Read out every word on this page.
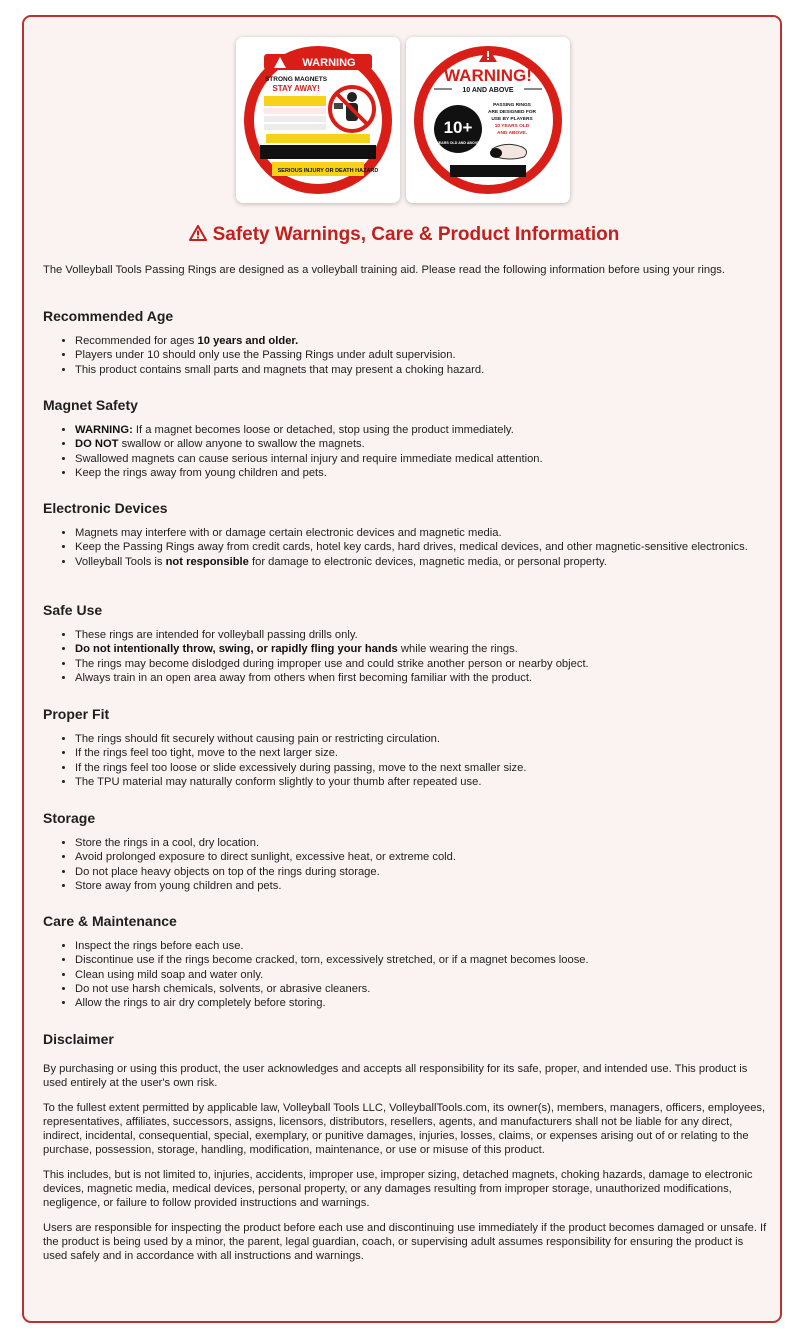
WARNING
STRONG MAGNETS
STAY AWAY!
SERIOUS INJURY OR DEATH HAZARD
WARNING!
10 AND ABOVE
10+
YEARS OLD AND ABOVE
PASSING RINGS
ARE DESIGNED FOR
USE BY PLAYERS
10 YEARS OLD
AND ABOVE.
Safety Warnings, Care & Product Information

The Volleyball Tools Passing Rings are designed as a volleyball training aid. Please read the following information before using your rings.

Recommended Age
• Recommended for ages 10 years and older.
• Players under 10 should only use the Passing Rings under adult supervision.
• This product contains small parts and magnets that may present a choking hazard.
Magnet Safety
• WARNING: If a magnet becomes loose or detached, stop using the product immediately.
• DO NOT swallow or allow anyone to swallow the magnets.
• Swallowed magnets can cause serious internal injury and require immediate medical attention.
• Keep the rings away from young children and pets.
Electronic Devices
• Magnets may interfere with or damage certain electronic devices and magnetic media.
• Keep the Passing Rings away from credit cards, hotel key cards, hard drives, medical devices, and other magnetic-sensitive electronics.
• Volleyball Tools is not responsible for damage to electronic devices, magnetic media, or personal property.
Safe Use
• These rings are intended for volleyball passing drills only.
• Do not intentionally throw, swing, or rapidly fling your hands while wearing the rings.
• The rings may become dislodged during improper use and could strike another person or nearby object.
• Always train in an open area away from others when first becoming familiar with the product.
Proper Fit
• The rings should fit securely without causing pain or restricting circulation.
• If the rings feel too tight, move to the next larger size.
• If the rings feel too loose or slide excessively during passing, move to the next smaller size.
• The TPU material may naturally conform slightly to your thumb after repeated use.
Storage
• Store the rings in a cool, dry location.
• Avoid prolonged exposure to direct sunlight, excessive heat, or extreme cold.
• Do not place heavy objects on top of the rings during storage.
• Store away from young children and pets.
Care & Maintenance
• Inspect the rings before each use.
• Discontinue use if the rings become cracked, torn, excessively stretched, or if a magnet becomes loose.
• Clean using mild soap and water only.
• Do not use harsh chemicals, solvents, or abrasive cleaners.
• Allow the rings to air dry completely before storing.
Disclaimer

By purchasing or using this product, the user acknowledges and accepts all responsibility for its safe, proper, and intended use. This product is used entirely at the user's own risk.

To the fullest extent permitted by applicable law, Volleyball Tools LLC, VolleyballTools.com, its owner(s), members, managers, officers, employees, representatives, affiliates, successors, assigns, licensors, distributors, resellers, agents, and manufacturers shall not be liable for any direct, indirect, incidental, consequential, special, exemplary, or punitive damages, injuries, losses, claims, or expenses arising out of or relating to the purchase, possession, storage, handling, modification, maintenance, or use or misuse of this product.

This includes, but is not limited to, injuries, accidents, improper use, improper sizing, detached magnets, choking hazards, damage to electronic devices, magnetic media, medical devices, personal property, or any damages resulting from improper storage, unauthorized modifications, negligence, or failure to follow provided instructions and warnings.

Users are responsible for inspecting the product before each use and discontinuing use immediately if the product becomes damaged or unsafe. If the product is being used by a minor, the parent, legal guardian, coach, or supervising adult assumes responsibility for ensuring the product is used safely and in accordance with all instructions and warnings.
